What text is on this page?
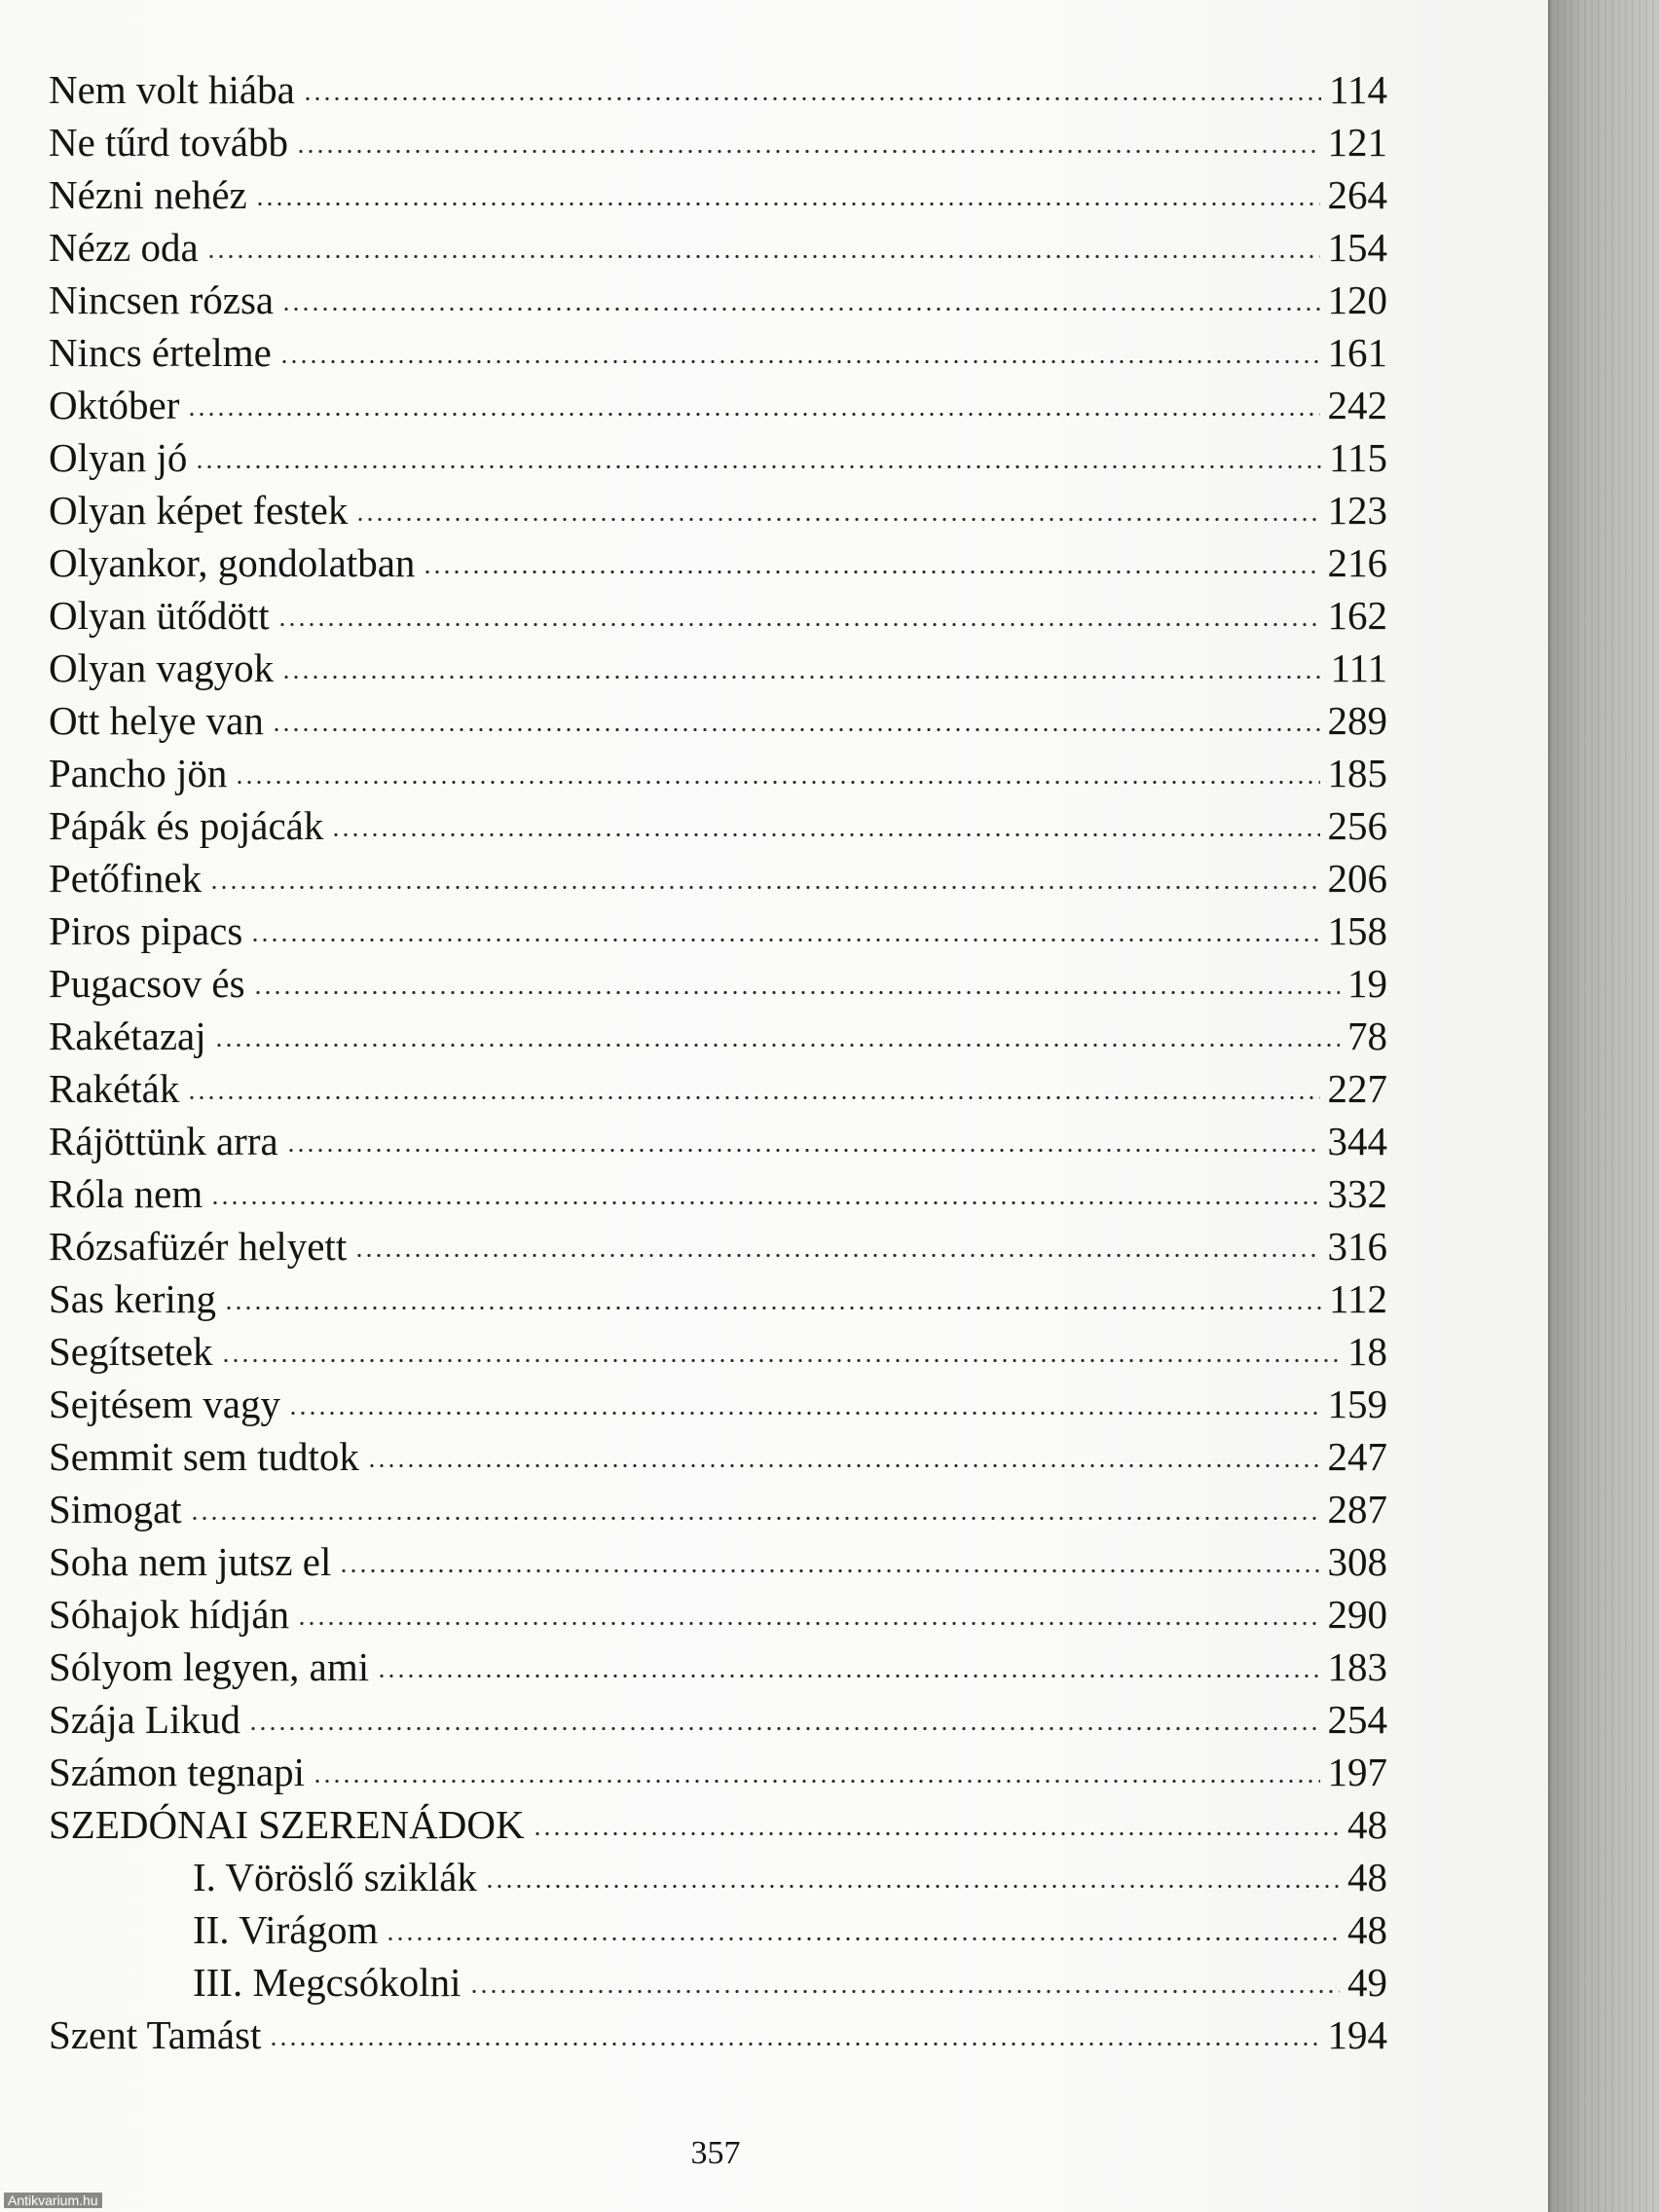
Nem volt hiába	114
Ne tűrd tovább	121
Nézni nehéz	264
Nézz oda	154
Nincsen rózsa	120
Nincs értelme	161
Október	242
Olyan jó	115
Olyan képet festek	123
Olyankor, gondolatban	216
Olyan ütődött	162
Olyan vagyok	111
Ott helye van	289
Pancho jön	185
Pápák és pojácák	256
Petőfinek	206
Piros pipacs	158
Pugacsov és	19
Rakétazaj	78
Rakéták	227
Rájöttünk arra	344
Róla nem	332
Rózsafüzér helyett	316
Sas kering	112
Segítsetek	18
Sejtésem vagy	159
Semmit sem tudtok	247
Simogat	287
Soha nem jutsz el	308
Sóhajok hídján	290
Sólyom legyen, ami	183
Szája Likud	254
Számon tegnapi	197
SZEDÓNAI SZERENÁDOK	48
I. Vöröslő sziklák	48
II. Virágom	48
III. Megcsókolni	49
Szent Tamást	194
357
Antikvarium.hu
